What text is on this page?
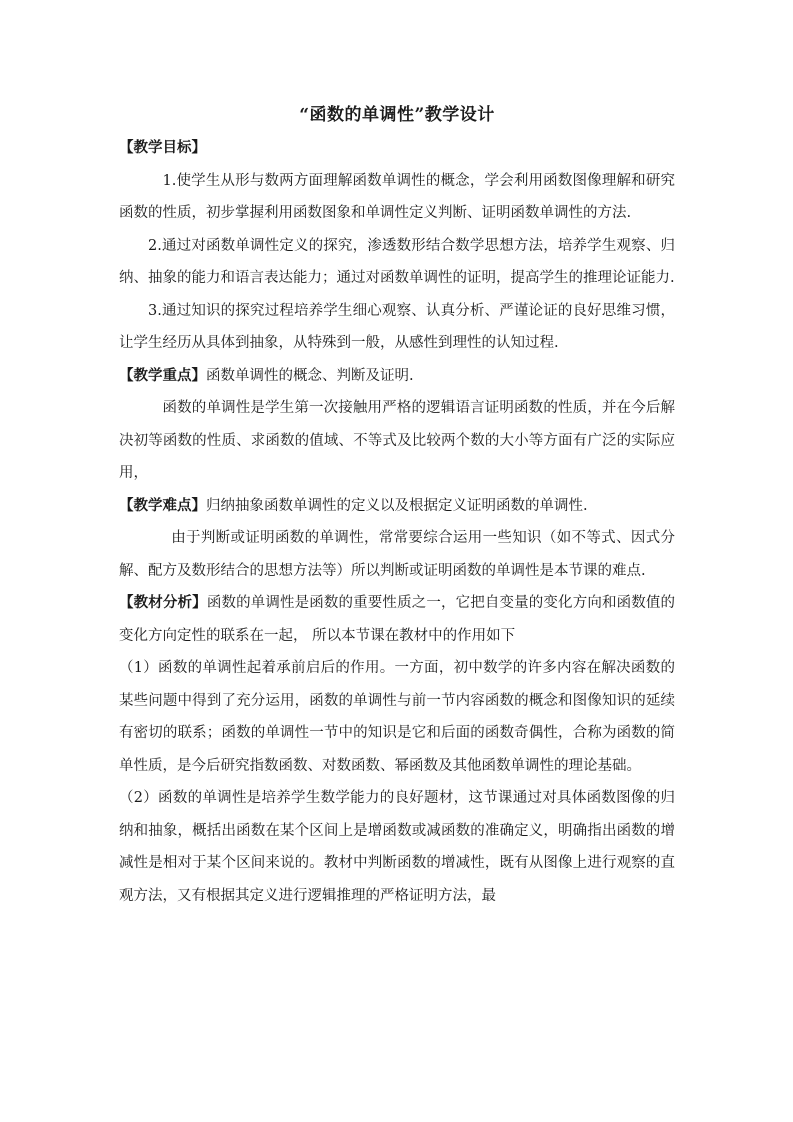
“函数的单调性”教学设计

【教学目标】

1.使学生从形与数两方面理解函数单调性的概念，学会利用函数图像理解和研究函数的性质，初步掌握利用函数图象和单调性定义判断、证明函数单调性的方法.

2.通过对函数单调性定义的探究，渗透数形结合数学思想方法，培养学生观察、归纳、抽象的能力和语言表达能力；通过对函数单调性的证明，提高学生的推理论证能力.

3.通过知识的探究过程培养学生细心观察、认真分析、严谨论证的良好思维习惯，让学生经历从具体到抽象，从特殊到一般，从感性到理性的认知过程.

【教学重点】函数单调性的概念、判断及证明.

函数的单调性是学生第一次接触用严格的逻辑语言证明函数的性质，并在今后解决初等函数的性质、求函数的值域、不等式及比较两个数的大小等方面有广泛的实际应用，

【教学难点】归纳抽象函数单调性的定义以及根据定义证明函数的单调性.

由于判断或证明函数的单调性，常常要综合运用一些知识（如不等式、因式分解、配方及数形结合的思想方法等）所以判断或证明函数的单调性是本节课的难点.

【教材分析】函数的单调性是函数的重要性质之一，它把自变量的变化方向和函数值的变化方向定性的联系在一起， 所以本节课在教材中的作用如下

（1）函数的单调性起着承前启后的作用。一方面，初中数学的许多内容在解决函数的某些问题中得到了充分运用，函数的单调性与前一节内容函数的概念和图像知识的延续有密切的联系；函数的单调性一节中的知识是它和后面的函数奇偶性，合称为函数的简单性质，是今后研究指数函数、对数函数、幂函数及其他函数单调性的理论基础。

（2）函数的单调性是培养学生数学能力的良好题材，这节课通过对具体函数图像的归纳和抽象，概括出函数在某个区间上是增函数或减函数的准确定义，明确指出函数的增减性是相对于某个区间来说的。教材中判断函数的增减性，既有从图像上进行观察的直观方法，又有根据其定义进行逻辑推理的严格证明方法，最
